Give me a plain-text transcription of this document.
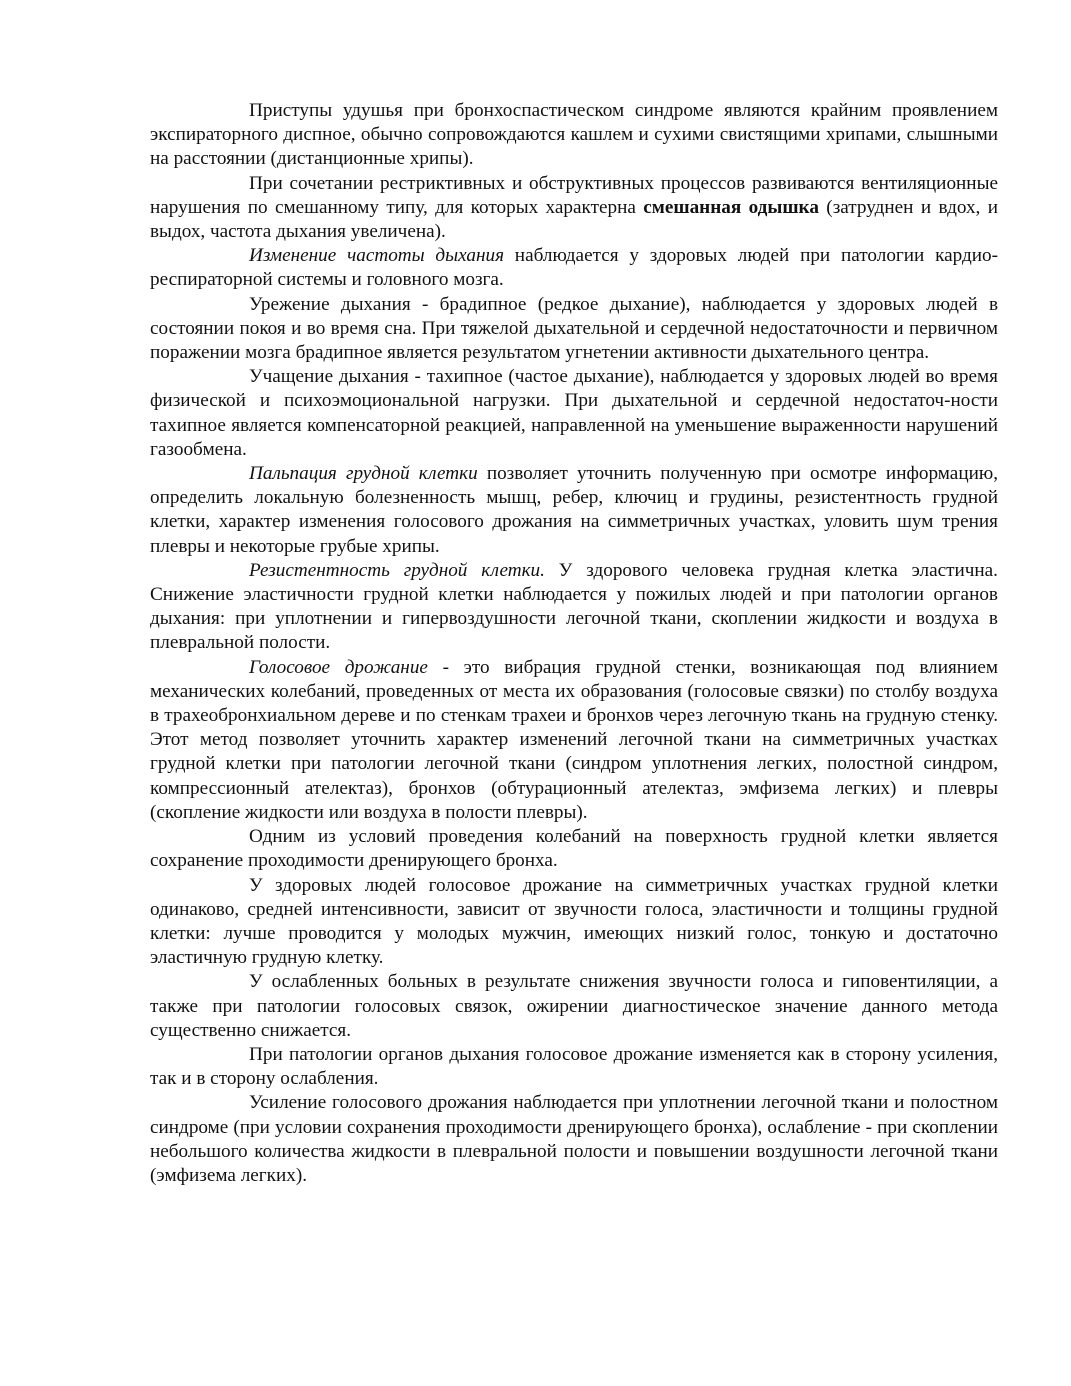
Приступы удушья при бронхоспастическом синдроме являются крайним проявлением экспираторного диспное, обычно сопровождаются кашлем и сухими свистящими хрипами, слышными на расстоянии (дистанционные хрипы).

При сочетании рестриктивных и обструктивных процессов развиваются вентиляционные нарушения по смешанному типу, для которых характерна смешанная одышка (затруднен и вдох, и выдох, частота дыхания увеличена).

Изменение частоты дыхания наблюдается у здоровых людей при патологии кардио-респираторной системы и головного мозга.

Урежение дыхания - брадипное (редкое дыхание), наблюдается у здоровых людей в состоянии покоя и во время сна. При тяжелой дыхательной и сердечной недостаточности и первичном поражении мозга брадипное является результатом угнетении активности дыхательного центра.

Учащение дыхания - тахипное (частое дыхание), наблюдается у здоровых людей во время физической и психоэмоциональной нагрузки. При дыхательной и сердечной недостаточ-ности тахипное является компенсаторной реакцией, направленной на уменьшение выраженности нарушений газообмена.

Пальпация грудной клетки позволяет уточнить полученную при осмотре информацию, определить локальную болезненность мышц, ребер, ключиц и грудины, резистентность грудной клетки, характер изменения голосового дрожания на симметричных участках, уловить шум трения плевры и некоторые грубые хрипы.

Резистентность грудной клетки. У здорового человека грудная клетка эластична. Снижение эластичности грудной клетки наблюдается у пожилых людей и при патологии органов дыхания: при уплотнении и гипервоздушности легочной ткани, скоплении жидкости и воздуха в плевральной полости.

Голосовое дрожание - это вибрация грудной стенки, возникающая под влиянием механических колебаний, проведенных от места их образования (голосовые связки) по столбу воздуха в трахеобронхиальном дереве и по стенкам трахеи и бронхов через легочную ткань на грудную стенку. Этот метод позволяет уточнить характер изменений легочной ткани на симметричных участках грудной клетки при патологии легочной ткани (синдром уплотнения легких, полостной синдром, компрессионный ателектаз), бронхов (обтурационный ателектаз, эмфизема легких) и плевры (скопление жидкости или воздуха в полости плевры).

Одним из условий проведения колебаний на поверхность грудной клетки является сохранение проходимости дренирующего бронха.

У здоровых людей голосовое дрожание на симметричных участках грудной клетки одинаково, средней интенсивности, зависит от звучности голоса, эластичности и толщины грудной клетки: лучше проводится у молодых мужчин, имеющих низкий голос, тонкую и достаточно эластичную грудную клетку.

У ослабленных больных в результате снижения звучности голоса и гиповентиляции, а также при патологии голосовых связок, ожирении диагностическое значение данного метода существенно снижается.

При патологии органов дыхания голосовое дрожание изменяется как в сторону усиления, так и в сторону ослабления.

Усиление голосового дрожания наблюдается при уплотнении легочной ткани и полостном синдроме (при условии сохранения проходимости дренирующего бронха), ослабление - при скоплении небольшого количества жидкости в плевральной полости и повышении воздушности легочной ткани (эмфизема легких).
